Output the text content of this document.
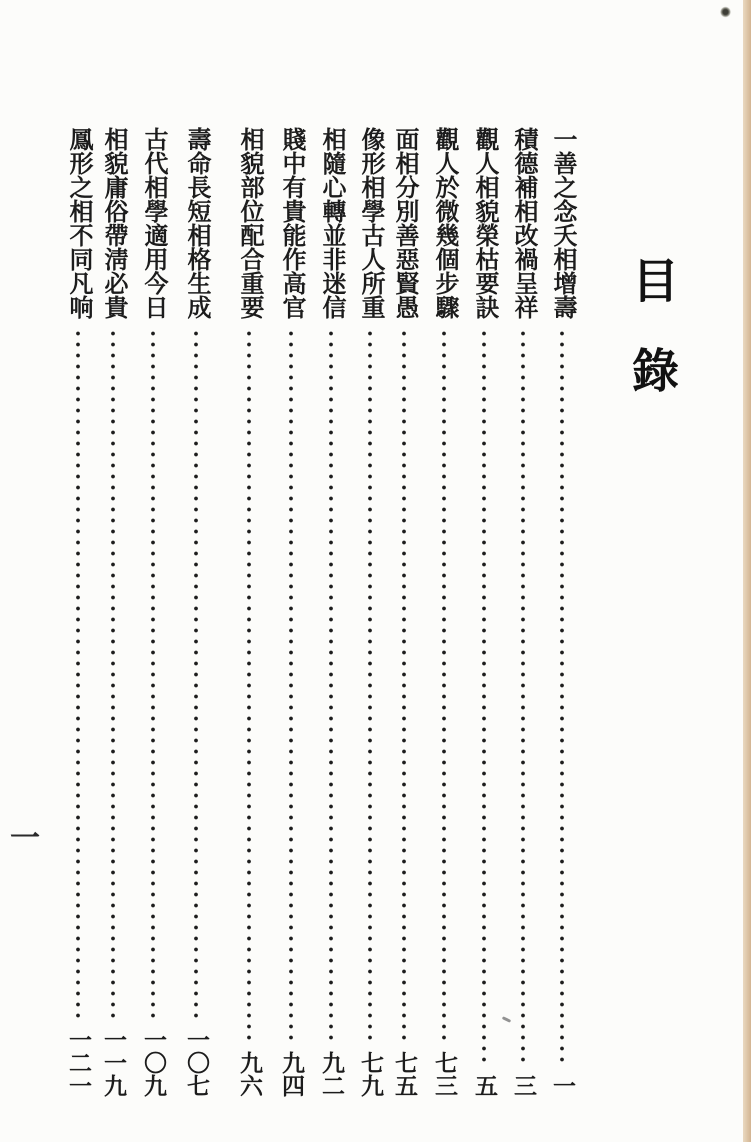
目錄
一
一善之念夭相增壽
一
積德補相改禍呈祥
三
觀人相貌榮枯要訣
五
觀人於微幾個步驟
七三
面相分別善惡賢愚
七五
像形相學古人所重
七九
相隨心轉並非迷信
九二
賤中有貴能作高官
九四
相貌部位配合重要
九六
壽命長短相格生成
一〇七
古代相學適用今日
一〇九
相貌庸俗帶淸必貴
一一九
鳳形之相不同凡响
一二一
